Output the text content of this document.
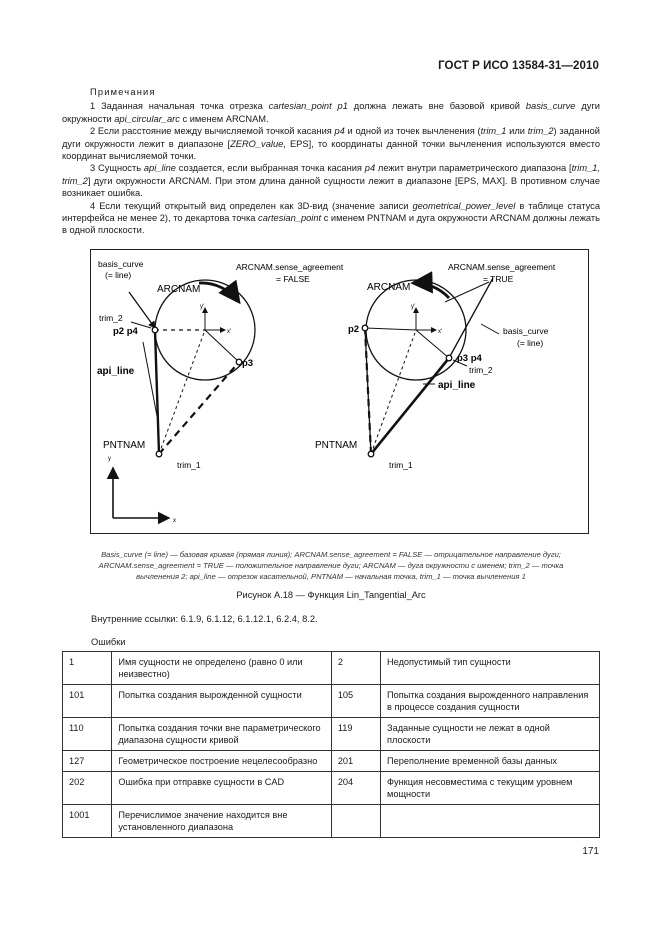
ГОСТ Р ИСО 13584-31—2010
Примечания

1 Заданная начальная точка отрезка cartesian_point p1 должна лежать вне базовой кривой basis_curve дуги окружности api_circular_arc с именем ARCNAM.

2 Если расстояние между вычисляемой точкой касания p4 и одной из точек вычленения (trim_1 или trim_2) заданной дуги окружности лежит в диапазоне [ZERO_value, EPS], то координаты данной точки вычленения используются вместо координат вычисляемой точки.

3 Сущность api_line создается, если выбранная точка касания p4 лежит внутри параметрического диапазона [trim_1, trim_2] дуги окружности ARCNAM. При этом длина данной сущности лежит в диапазоне [EPS, MAX]. В противном случае возникает ошибка.

4 Если текущий открытый вид определен как 3D-вид (значение записи geometrical_power_level в таблице статуса интерфейса не менее 2), то декартова точка cartesian_point с именем PNTNAM и дуга окружности ARCNAM должны лежать в одной плоскости.

y'
x'
basis_curve
(= line)
ARCNAM.sense_agreement
= FALSE
ARCNAM
trim_2
p2 p4
p3
api_line
PNTNAM
trim_1
y
x
y'
x'
ARCNAM.sense_agreement
= TRUE
ARCNAM
p2	basis_curve
(= line)
p3 p4
trim_2
api_line
PNTNAM
trim_1
Basis_curve (= line) — базовая кривая (прямая линия); ARCNAM.sense_agreement = FALSE — отрицательное направление дуги;
ARCNAM.sense_agreement = TRUE — положительное направление дуги; ARCNAM — дуга окружности с именем; trim_2 — точка
вычленения 2; api_line — отрезок касательной, PNTNAM — начальная точка, trim_1 — точка вычленения 1
Рисунок А.18 — Функция Lin_Tangential_Arc
Внутренние ссылки: 6.1.9, 6.1.12, 6.1.12.1, 6.2.4, 8.2.
Ошибки
1	Имя сущности не определено (равно 0 или неизвестно)	2	Недопустимый тип сущности
101	Попытка создания вырожденной сущности	105	Попытка создания вырожденного направления в процессе создания сущности
110	Попытка создания точки вне параметрического диапазона сущности кривой	119	Заданные сущности не лежат в одной плоскости
127	Геометрическое построение нецелесообразно	201	Переполнение временной базы данных
202	Ошибка при отправке сущности в CAD	204	Функция несовместима с текущим уровнем мощности
1001	Перечислимое значение находится вне установленного диапазона		
171
